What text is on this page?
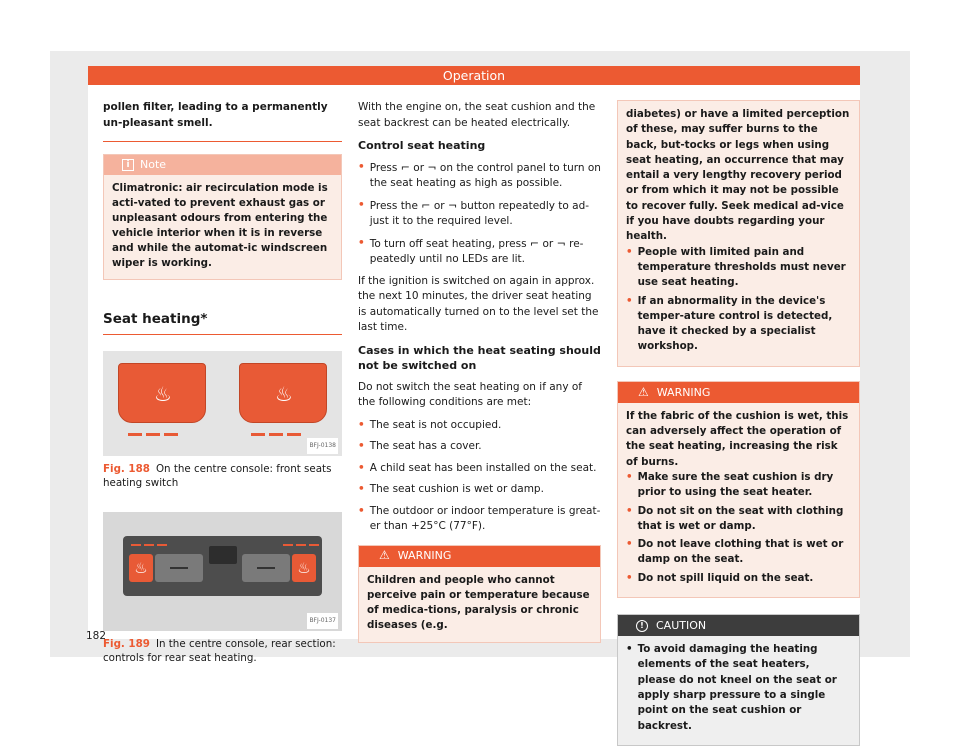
Operation
pollen filter, leading to a permanently un-pleasant smell.
i Note
Climatronic: air recirculation mode is acti-vated to prevent exhaust gas or unpleasant odours from entering the vehicle interior when it is in reverse and while the automat-ic windscreen wiper is working.
Seat heating*
♨	♨
BFJ-0138
Fig. 188 On the centre console: front seats heating switch
♨	♨
BFJ-0137
Fig. 189 In the centre console, rear section: controls for rear seat heating.

With the engine on, the seat cushion and the seat backrest can be heated electrically.

Control seat heating
• Press ⌐ or ¬ on the control panel to turn on the seat heating as high as possible.
• Press the ⌐ or ¬ button repeatedly to ad-just it to the required level.
• To turn off seat heating, press ⌐ or ¬ re-peatedly until no LEDs are lit.

If the ignition is switched on again in approx. the next 10 minutes, the driver seat heating is automatically turned on to the level set the last time.

Cases in which the heat seating should not be switched on

Do not switch the seat heating on if any of the following conditions are met:

• The seat is not occupied.
• The seat has a cover.
• A child seat has been installed on the seat.
• The seat cushion is wet or damp.
• The outdoor or indoor temperature is great-er than +25°C (77°F).
⚠ WARNING
Children and people who cannot perceive pain or temperature because of medica-tions, paralysis or chronic diseases (e.g.
diabetes) or have a limited perception of these, may suffer burns to the back, but-tocks or legs when using seat heating, an occurrence that may entail a very lengthy recovery period or from which it may not be possible to recover fully. Seek medical ad-vice if you have doubts regarding your health.
• People with limited pain and temperature thresholds must never use seat heating.
• If an abnormality in the device's temper-ature control is detected, have it checked by a specialist workshop.
⚠ WARNING
If the fabric of the cushion is wet, this can adversely affect the operation of the seat heating, increasing the risk of burns.
• Make sure the seat cushion is dry prior to using the seat heater.
• Do not sit on the seat with clothing that is wet or damp.
• Do not leave clothing that is wet or damp on the seat.
• Do not spill liquid on the seat.
!	CAUTION
• To avoid damaging the heating elements of the seat heaters, please do not kneel on the seat or apply sharp pressure to a single point on the seat cushion or backrest.
182
